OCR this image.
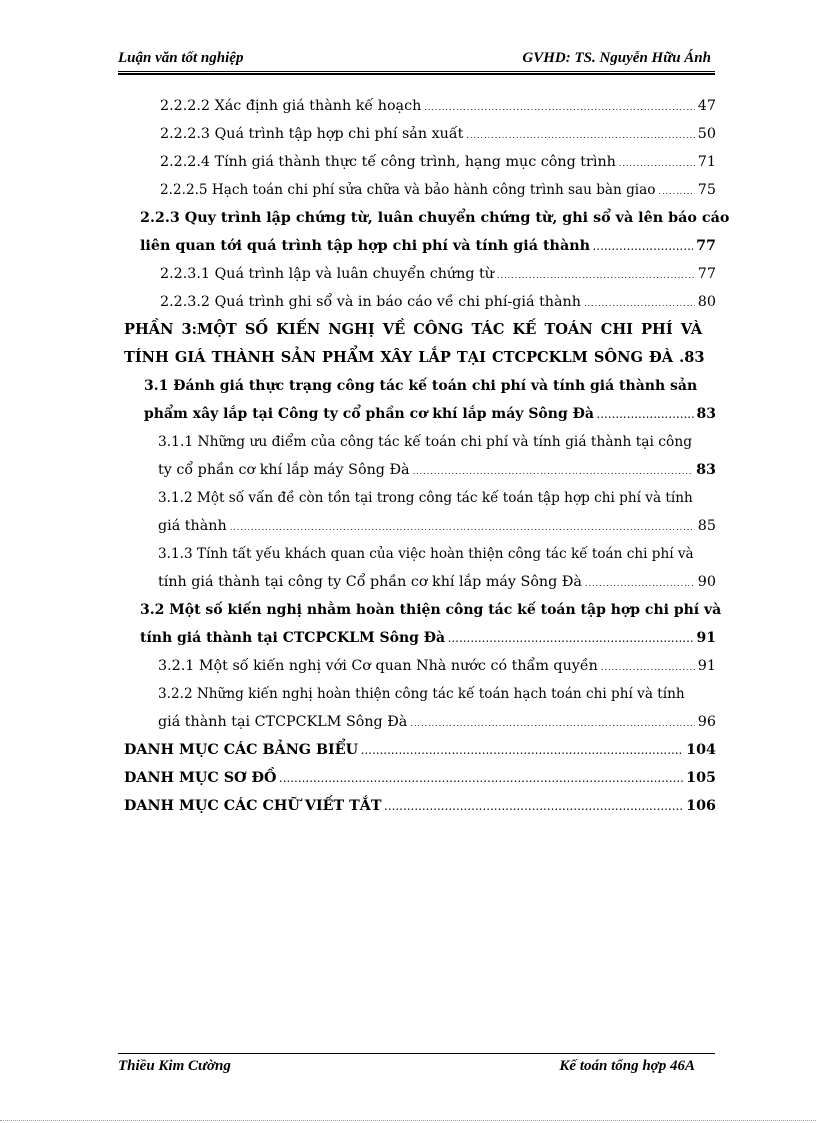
Luận văn tốt nghiệp	GVHD: TS. Nguyễn Hữu Ánh
2.2.2.2 Xác định giá thành kế hoạch .....	47
2.2.2.3 Quá trình tập hợp chi phí sản xuất .....	50
2.2.2.4 Tính giá thành thực tế công trình, hạng mục công trình .....	71
2.2.2.5 Hạch toán chi phí sửa chữa và bảo hành công trình sau bàn giao .....	75
2.2.3 Quy trình lập chứng từ, luân chuyển chứng từ, ghi sổ và lên báo cáo
liên quan tới quá trình tập hợp chi phí và tính giá thành .....	77
2.2.3.1 Quá trình lập và luân chuyển chứng từ .....	77
2.2.3.2 Quá trình ghi sổ và in báo cáo về chi phí-giá thành .....	80
PHẦN 3:MỘT SỐ KIẾN NGHỊ VỀ CÔNG TÁC KẾ TOÁN CHI PHÍ VÀ
TÍNH GIÁ THÀNH SẢN PHẨM XÂY LẮP TẠI CTCPCKLM SÔNG ĐÀ .83
3.1 Đánh giá thực trạng công tác kế toán chi phí và tính giá thành sản
phẩm xây lắp tại Công ty cổ phần cơ khí lắp máy Sông Đà .....	83
3.1.1 Những ưu điểm của công tác kế toán chi phí và tính giá thành tại công
ty cổ phần cơ khí lắp máy Sông Đà .....	83
3.1.2 Một số vấn đề còn tồn tại trong công tác kế toán tập hợp chi phí và tính
giá thành .....	85
3.1.3 Tính tất yếu khách quan của việc hoàn thiện công tác kế toán chi phí và
tính giá thành tại công ty Cổ phần cơ khí lắp máy Sông Đà .....	90
3.2 Một số kiến nghị nhằm hoàn thiện công tác kế toán tập hợp chi phí và
tính giá thành tại CTCPCKLM Sông Đà .....	91
3.2.1 Một số kiến nghị với Cơ quan Nhà nước có thẩm quyền .....	91
3.2.2 Những kiến nghị hoàn thiện công tác kế toán hạch toán chi phí và tính
giá thành tại CTCPCKLM Sông Đà .....	96
DANH MỤC CÁC BẢNG BIỂU .....	104
DANH MỤC SƠ ĐỒ .....	105
DANH MỤC CÁC CHỮ VIẾT TẮT .....	106
Thiều Kim Cường	Kế toán tổng hợp 46A
